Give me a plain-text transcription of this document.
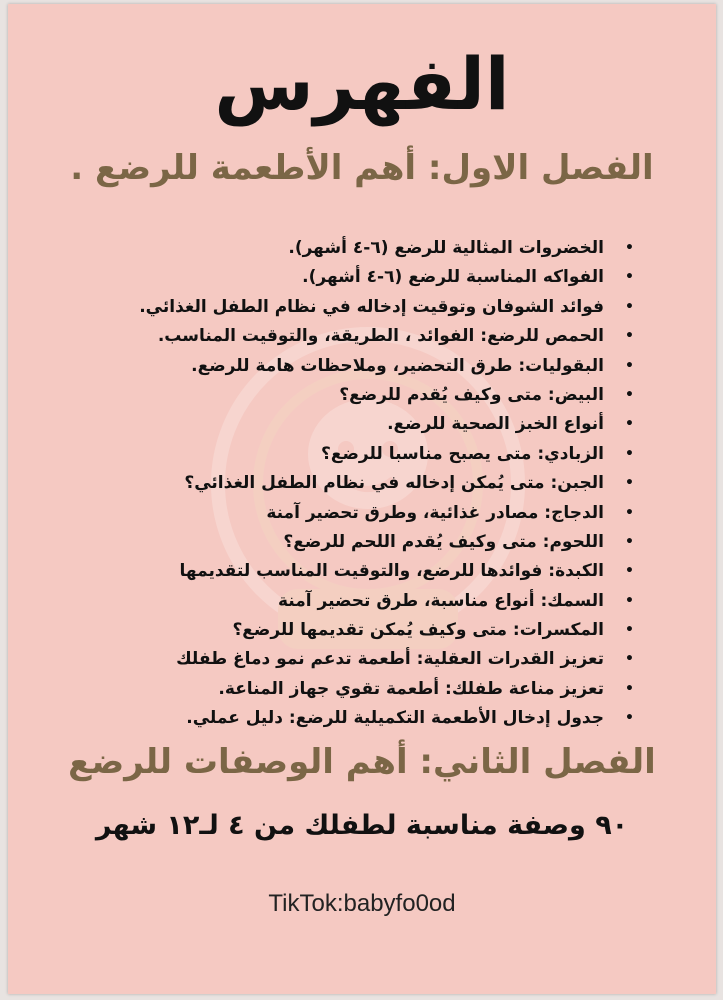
الفهرس
الفصل الاول: أهم الأطعمة للرضع .
الخضروات المثالية للرضع (٦-٤ أشهر). •
الفواكه المناسبة للرضع (٦-٤ أشهر). •
فوائد الشوفان وتوقيت إدخاله في نظام الطفل الغذائي. •
الحمص للرضع: الفوائد ، الطريقة، والتوقيت المناسب. •
البقوليات: طرق التحضير، وملاحظات هامة للرضع. •
البيض: متى وكيف يُقدم للرضع؟ •
أنواع الخبز الصحية للرضع. •
الزبادي: متى يصبح مناسبا للرضع؟ •
الجبن: متى يُمكن إدخاله في نظام الطفل الغذائي؟ •
الدجاج: مصادر غذائية، وطرق تحضير آمنة •
اللحوم: متى وكيف يُقدم اللحم للرضع؟ •
الكبدة: فوائدها للرضع، والتوقيت المناسب لتقديمها •
السمك: أنواع مناسبة، طرق تحضير آمنة •
المكسرات: متى وكيف يُمكن تقديمها للرضع؟ •
تعزيز القدرات العقلية: أطعمة تدعم نمو دماغ طفلك •
تعزيز مناعة طفلك: أطعمة تقوي جهاز المناعة. •
جدول إدخال الأطعمة التكميلية للرضع: دليل عملي. •
الفصل الثاني: أهم الوصفات للرضع
٩٠ وصفة مناسبة لطفلك من ٤ لـ١٢ شهر
TikTok:babyfo0od
